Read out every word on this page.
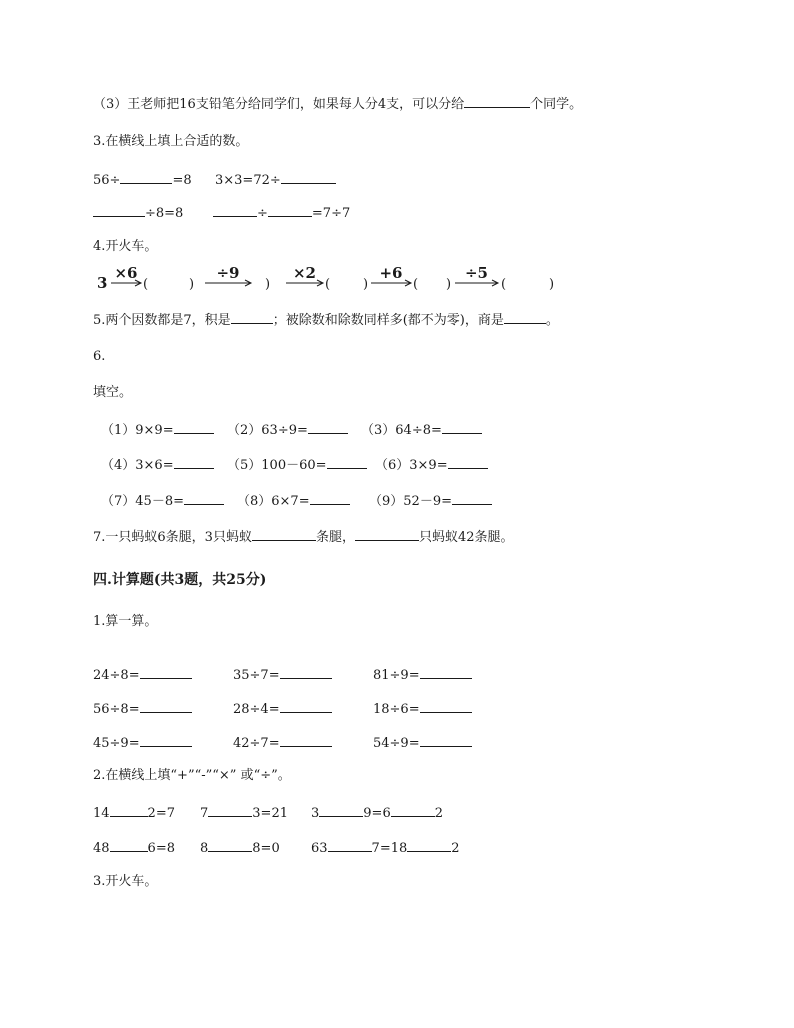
（3）王老师把16支铅笔分给同学们，如果每人分4支，可以分给	个同学。
3.在横线上填上合适的数。
56÷	=8 3×3=72÷
÷8=8	÷	=7÷7
4.开火车。
3
×6
(	)
÷9
)
×2
(	)
+6
( )
÷5
(	)
5.两个因数都是7，积是	；被除数和除数同样多(都不为零)，商是	。
6.
填空。
（1）9×9=	（2）63÷9=	（3）64÷8=
（4）3×6=	（5）100－60=	（6）3×9=
（7）45－8=	（8）6×7=	（9）52－9=
7.一只蚂蚁6条腿，3只蚂蚁	条腿，	只蚂蚁42条腿。
四.计算题(共3题，共25分)
1.算一算。
24÷8=	35÷7=	81÷9=
56÷8=	28÷4=	18÷6=
45÷9=	42÷7=	54÷9=
2.在横线上填“+”“-”“×” 或“÷”。
14	2=7 7	3=21 3	9=6	2
48	6=8 8	8=0 63	7=18	2
3.开火车。
